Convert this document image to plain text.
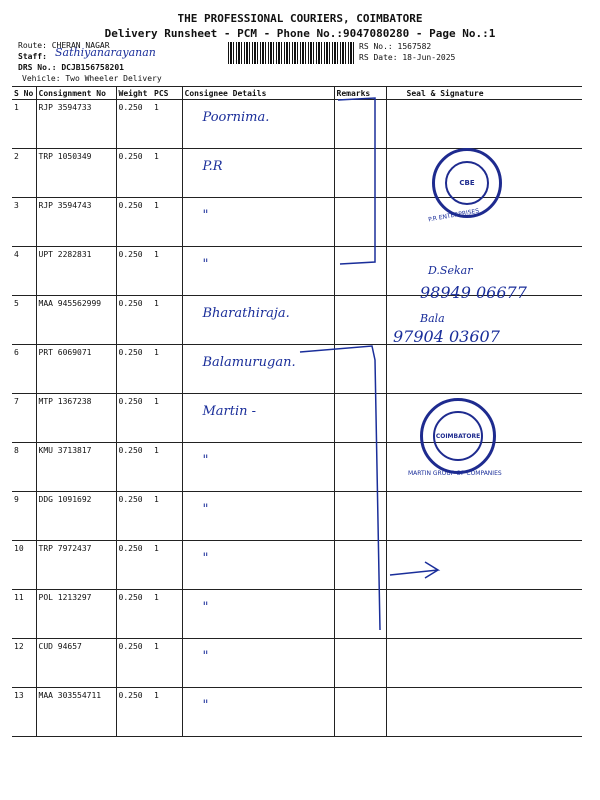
THE PROFESSIONAL COURIERS, COIMBATORE
Delivery Runsheet - PCM - Phone No.:9047080280 - Page No.:1
Route: CHERAN NAGAR
Staff: Sathiyanarayanan
DRS No.: DCJB156758201
Vehicle: Two Wheeler Delivery
RS No.: 1567582
RS Date: 18-Jun-2025
S No	Consignment No	Weight	PCS	Consignee Details	Remarks	Seal & Signature
1	RJP 3594733	0.250	1	Poornima.		
2	TRP 1050349	0.250	1	P.R		
3	RJP 3594743	0.250	1	"		
4	UPT 2282831	0.250	1	"		
5	MAA 945562999	0.250	1	Bharathiraja.		
6	PRT 6069071	0.250	1	Balamurugan.		
7	MTP 1367238	0.250	1	Martin -		
8	KMU 3713817	0.250	1	"		
9	DDG 1091692	0.250	1	"		
10	TRP 7972437	0.250	1	"		
11	POL 1213297	0.250	1	"		
12	CUD 94657	0.250	1	"		
13	MAA 303554711	0.250	1	"		
D.Sekar
98949 06677
Bala
97904 03607
CBE
P.R ENTERPRISES
COIMBATORE
MARTIN GROUP OF COMPANIES
